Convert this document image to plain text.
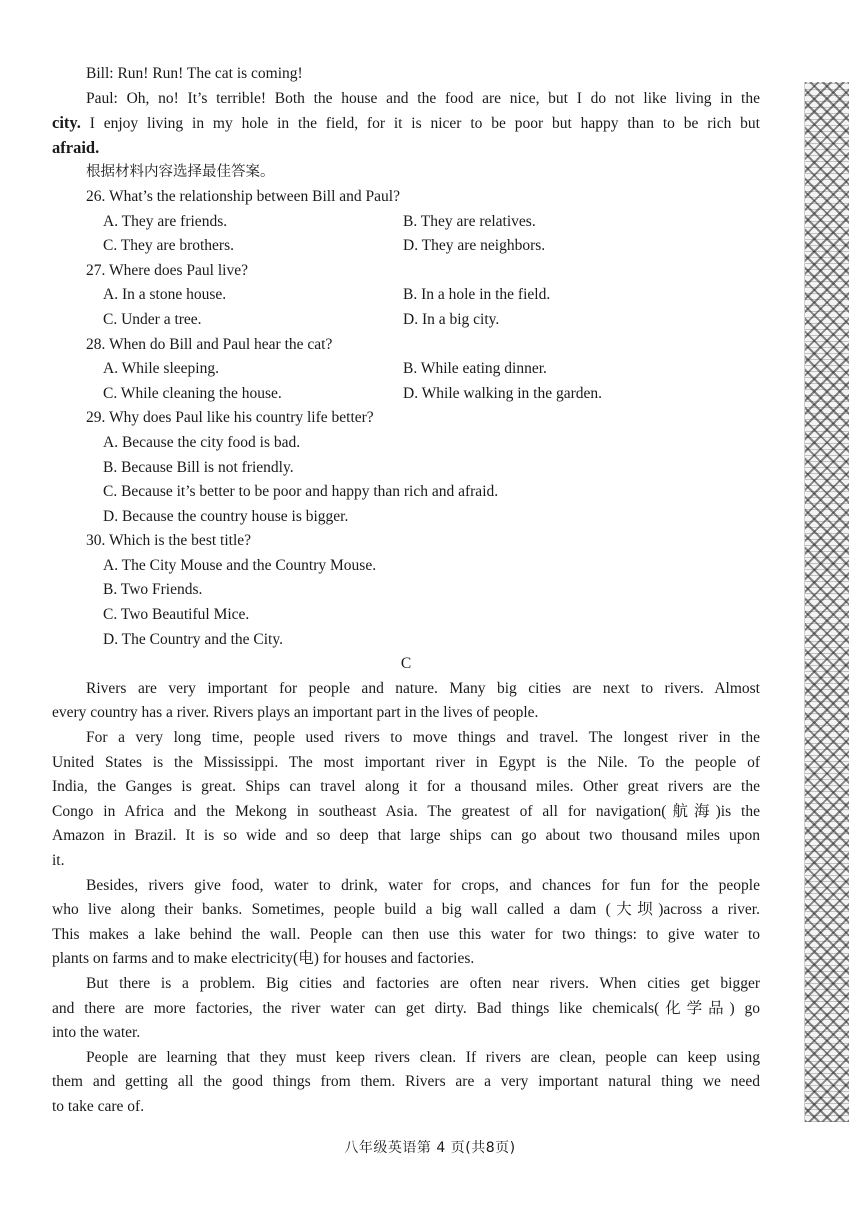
Bill: Run! Run! The cat is coming!
Paul: Oh, no! It’s terrible! Both the house and the food are nice, but I do not like living in the
city. I enjoy living in my hole in the field, for it is nicer to be poor but happy than to be rich but
afraid.
根据材料内容选择最佳答案。
26. What’s the relationship between Bill and Paul?
A. They are friends.	B. They are relatives.
C. They are brothers.	D. They are neighbors.
27. Where does Paul live?
A. In a stone house.	B. In a hole in the field.
C. Under a tree.	D. In a big city.
28. When do Bill and Paul hear the cat?
A. While sleeping.	B. While eating dinner.
C. While cleaning the house.	D. While walking in the garden.
29. Why does Paul like his country life better?
A. Because the city food is bad.
B. Because Bill is not friendly.
C. Because it’s better to be poor and happy than rich and afraid.
D. Because the country house is bigger.
30. Which is the best title?
A. The City Mouse and the Country Mouse.
B. Two Friends.
C. Two Beautiful Mice.
D. The Country and the City.
C
Rivers are very important for people and nature. Many big cities are next to rivers. Almost
every country has a river. Rivers plays an important part in the lives of people.
For a very long time, people used rivers to move things and travel. The longest river in the
United States is the Mississippi. The most important river in Egypt is the Nile. To the people of
India, the Ganges is great. Ships can travel along it for a thousand miles. Other great rivers are the
Congo in Africa and the Mekong in southeast Asia. The greatest of all for navigation(航海)is the
Amazon in Brazil. It is so wide and so deep that large ships can go about two thousand miles upon
it.
Besides, rivers give food, water to drink, water for crops, and chances for fun for the people
who live along their banks. Sometimes, people build a big wall called a dam (大坝)across a river.
This makes a lake behind the wall. People can then use this water for two things: to give water to
plants on farms and to make electricity(电) for houses and factories.
But there is a problem. Big cities and factories are often near rivers. When cities get bigger
and there are more factories, the river water can get dirty. Bad things like chemicals(化学品) go
into the water.
People are learning that they must keep rivers clean. If rivers are clean, people can keep using
them and getting all the good things from them. Rivers are a very important natural thing we need
to take care of.
八年级英语第 4 页(共8页)
